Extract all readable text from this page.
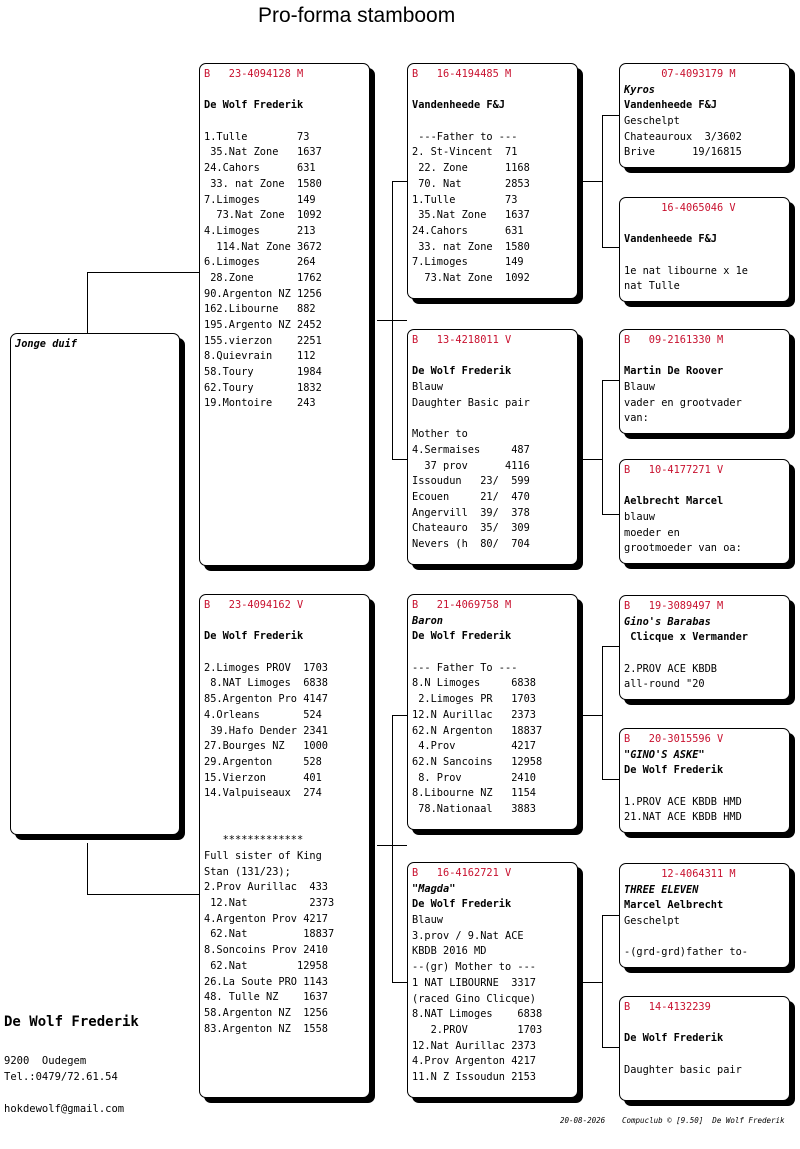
Pro-forma stamboom
Jonge duif
B   23-4094128 M
De Wolf Frederik
1.Tulle        73
35.Nat Zone   1637
24.Cahors      631
33. nat Zone  1580
7.Limoges      149
73.Nat Zone  1092
4.Limoges      213
114.Nat Zone 3672
6.Limoges      264
28.Zone       1762
90.Argenton NZ 1256
162.Libourne   882
195.Argento NZ 2452
155.vierzon    2251
8.Quievrain    112
58.Toury       1984
62.Toury       1832
19.Montoire    243
B   23-4094162 V
De Wolf Frederik
2.Limoges PROV  1703
8.NAT Limoges  6838
85.Argenton Pro 4147
4.Orleans       524
39.Hafo Dender 2341
27.Bourges NZ   1000
29.Argenton     528
15.Vierzon      401
14.Valpuiseaux  274
*************
Full sister of King
Stan (131/23);
2.Prov Aurillac  433
12.Nat          2373
4.Argenton Prov 4217
62.Nat         18837
8.Soncoins Prov 2410
62.Nat        12958
26.La Soute PRO 1143
48. Tulle NZ    1637
58.Argenton NZ  1256
83.Argenton NZ  1558
B   16-4194485 M
Vandenheede F&J
---Father to ---
2. St-Vincent  71
22. Zone      1168
70. Nat       2853
1.Tulle        73
35.Nat Zone   1637
24.Cahors      631
33. nat Zone  1580
7.Limoges      149
73.Nat Zone  1092
B   13-4218011 V
De Wolf Frederik
Blauw
Daughter Basic pair
Mother to
4.Sermaises     487
37 prov      4116
Issoudun   23/  599
Ecouen     21/  470
Angervill  39/  378
Chateauro  35/  309
Nevers (h  80/  704
B   21-4069758 M
Baron
De Wolf Frederik
--- Father To ---
8.N Limoges     6838
2.Limoges PR   1703
12.N Aurillac   2373
62.N Argenton   18837
4.Prov         4217
62.N Sancoins   12958
8. Prov        2410
8.Libourne NZ   1154
78.Nationaal   3883
B   16-4162721 V
"Magda"
De Wolf Frederik
Blauw
3.prov / 9.Nat ACE
KBDB 2016 MD
--(gr) Mother to ---
1 NAT LIBOURNE  3317
(raced Gino Clicque)
8.NAT Limoges    6838
2.PROV        1703
12.Nat Aurillac 2373
4.Prov Argenton 4217
11.N Z Issoudun 2153
07-4093179 M
Kyros
Vandenheede F&J
Geschelpt
Chateauroux  3/3602
Brive      19/16815
16-4065046 V
Vandenheede F&J
1e nat libourne x 1e
nat Tulle
B   09-2161330 M
Martin De Roover
Blauw
vader en grootvader
van:
B   10-4177271 V
Aelbrecht Marcel
blauw
moeder en
grootmoeder van oa:
B   19-3089497 M
Gino's Barabas
Clicque x Vermander
2.PROV ACE KBDB
all-round "20
B   20-3015596 V
"GINO'S ASKE"
De Wolf Frederik
1.PROV ACE KBDB HMD
21.NAT ACE KBDB HMD
12-4064311 M
THREE ELEVEN
Marcel Aelbrecht
Geschelpt
-(grd-grd)father to-
B   14-4132239
De Wolf Frederik
Daughter basic pair
De Wolf Frederik
9200  Oudegem
Tel.:0479/72.61.54
hokdewolf@gmail.com
20-08-2026 Compuclub © [9.50]  De Wolf Frederik
